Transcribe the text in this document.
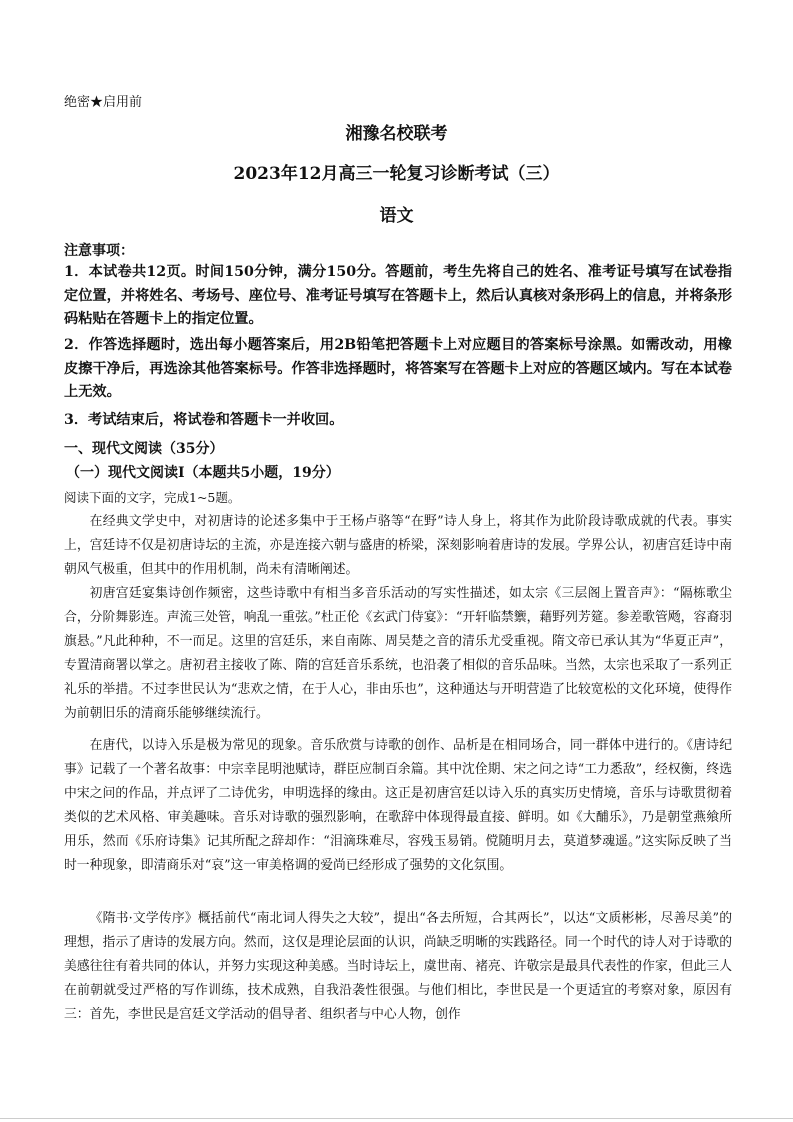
绝密★启用前
湘豫名校联考
2023年12月高三一轮复习诊断考试（三）
语文
注意事项：
1．本试卷共12页。时间150分钟，满分150分。答题前，考生先将自己的姓名、准考证号填写在试卷指定位置，并将姓名、考场号、座位号、准考证号填写在答题卡上，然后认真核对条形码上的信息，并将条形码粘贴在答题卡上的指定位置。
2．作答选择题时，选出每小题答案后，用2B铅笔把答题卡上对应题目的答案标号涂黑。如需改动，用橡皮擦干净后，再选涂其他答案标号。作答非选择题时，将答案写在答题卡上对应的答题区域内。写在本试卷上无效。
3．考试结束后，将试卷和答题卡一并收回。
一、现代文阅读（35分）
（一）现代文阅读Ⅰ（本题共5小题，19分）
阅读下面的文字，完成1~5题。

在经典文学史中，对初唐诗的论述多集中于王杨卢骆等“在野”诗人身上，将其作为此阶段诗歌成就的代表。事实上，宫廷诗不仅是初唐诗坛的主流，亦是连接六朝与盛唐的桥梁，深刻影响着唐诗的发展。学界公认，初唐宫廷诗中南朝风气极重，但其中的作用机制，尚未有清晰阐述。

初唐宫廷宴集诗创作频密，这些诗歌中有相当多音乐活动的写实性描述，如太宗《三层阁上置音声》：“隔栋歌尘合，分阶舞影连。声流三处管，响乱一重弦。”杜正伦《玄武门侍宴》：“开轩临禁籞，藉野列芳筵。参差歌管飏，容裔羽旗悬。”凡此种种，不一而足。这里的宫廷乐，来自南陈、周吴楚之音的清乐尤受重视。隋文帝已承认其为“华夏正声”，专置清商署以掌之。唐初君主接收了陈、隋的宫廷音乐系统，也沿袭了相似的音乐品味。当然，太宗也采取了一系列正礼乐的举措。不过李世民认为“悲欢之情，在于人心，非由乐也”，这种通达与开明营造了比较宽松的文化环境，使得作为前朝旧乐的清商乐能够继续流行。

在唐代，以诗入乐是极为常见的现象。音乐欣赏与诗歌的创作、品析是在相同场合，同一群体中进行的。《唐诗纪事》记载了一个著名故事：中宗幸昆明池赋诗，群臣应制百余篇。其中沈佺期、宋之问之诗“工力悉敌”，经权衡，终选中宋之问的作品，并点评了二诗优劣，申明选择的缘由。这正是初唐宫廷以诗入乐的真实历史情境，音乐与诗歌贯彻着类似的艺术风格、审美趣味。音乐对诗歌的强烈影响，在歌辞中体现得最直接、鲜明。如《大酺乐》，乃是朝堂燕飨所用乐，然而《乐府诗集》记其所配之辞却作：“泪滴珠难尽，容残玉易销。傥随明月去，莫道梦魂遥。”这实际反映了当时一种现象，即清商乐对“哀”这一审美格调的爱尚已经形成了强势的文化氛围。

《隋书·文学传序》概括前代“南北词人得失之大较”，提出“各去所短，合其两长”，以达“文质彬彬，尽善尽美”的理想，指示了唐诗的发展方向。然而，这仅是理论层面的认识，尚缺乏明晰的实践路径。同一个时代的诗人对于诗歌的美感往往有着共同的体认，并努力实现这种美感。当时诗坛上，虞世南、褚亮、许敬宗是最具代表性的作家，但此三人在前朝就受过严格的写作训练，技术成熟，自我沿袭性很强。与他们相比，李世民是一个更适宜的考察对象，原因有三：首先，李世民是宫廷文学活动的倡导者、组织者与中心人物，创作
